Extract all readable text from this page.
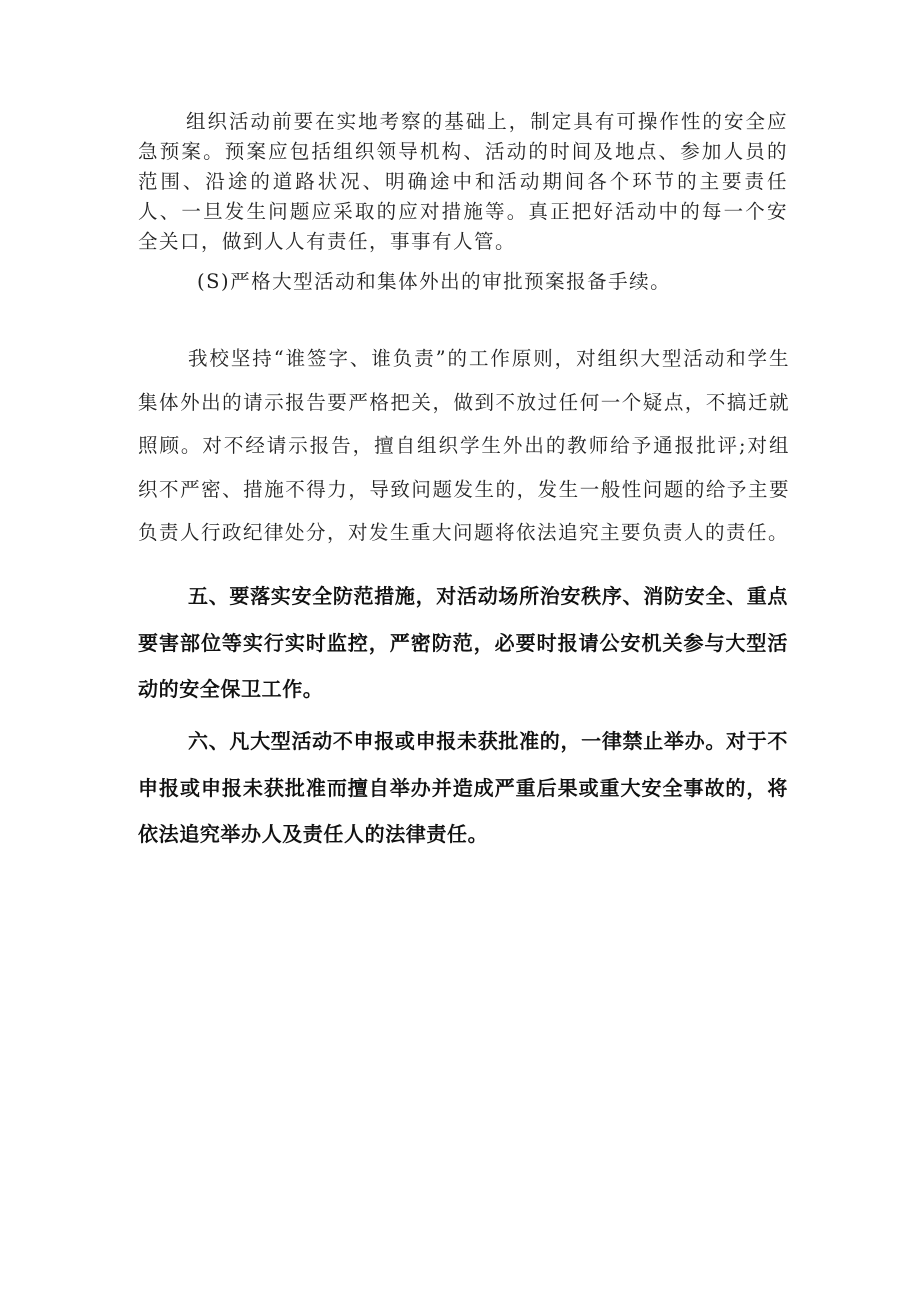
组织活动前要在实地考察的基础上，制定具有可操作性的安全应急预案。预案应包括组织领导机构、活动的时间及地点、参加人员的范围、沿途的道路状况、明确途中和活动期间各个环节的主要责任人、一旦发生问题应采取的应对措施等。真正把好活动中的每一个安全关口，做到人人有责任，事事有人管。

(S)严格大型活动和集体外出的审批预案报备手续。

我校坚持“谁签字、谁负责”的工作原则，对组织大型活动和学生集体外出的请示报告要严格把关，做到不放过任何一个疑点，不搞迁就照顾。对不经请示报告，擅自组织学生外出的教师给予通报批评;对组织不严密、措施不得力，导致问题发生的，发生一般性问题的给予主要负责人行政纪律处分，对发生重大问题将依法追究主要负责人的责任。

五、要落实安全防范措施，对活动场所治安秩序、消防安全、重点要害部位等实行实时监控，严密防范，必要时报请公安机关参与大型活动的安全保卫工作。

六、凡大型活动不申报或申报未获批准的，一律禁止举办。对于不申报或申报未获批准而擅自举办并造成严重后果或重大安全事故的，将依法追究举办人及责任人的法律责任。
